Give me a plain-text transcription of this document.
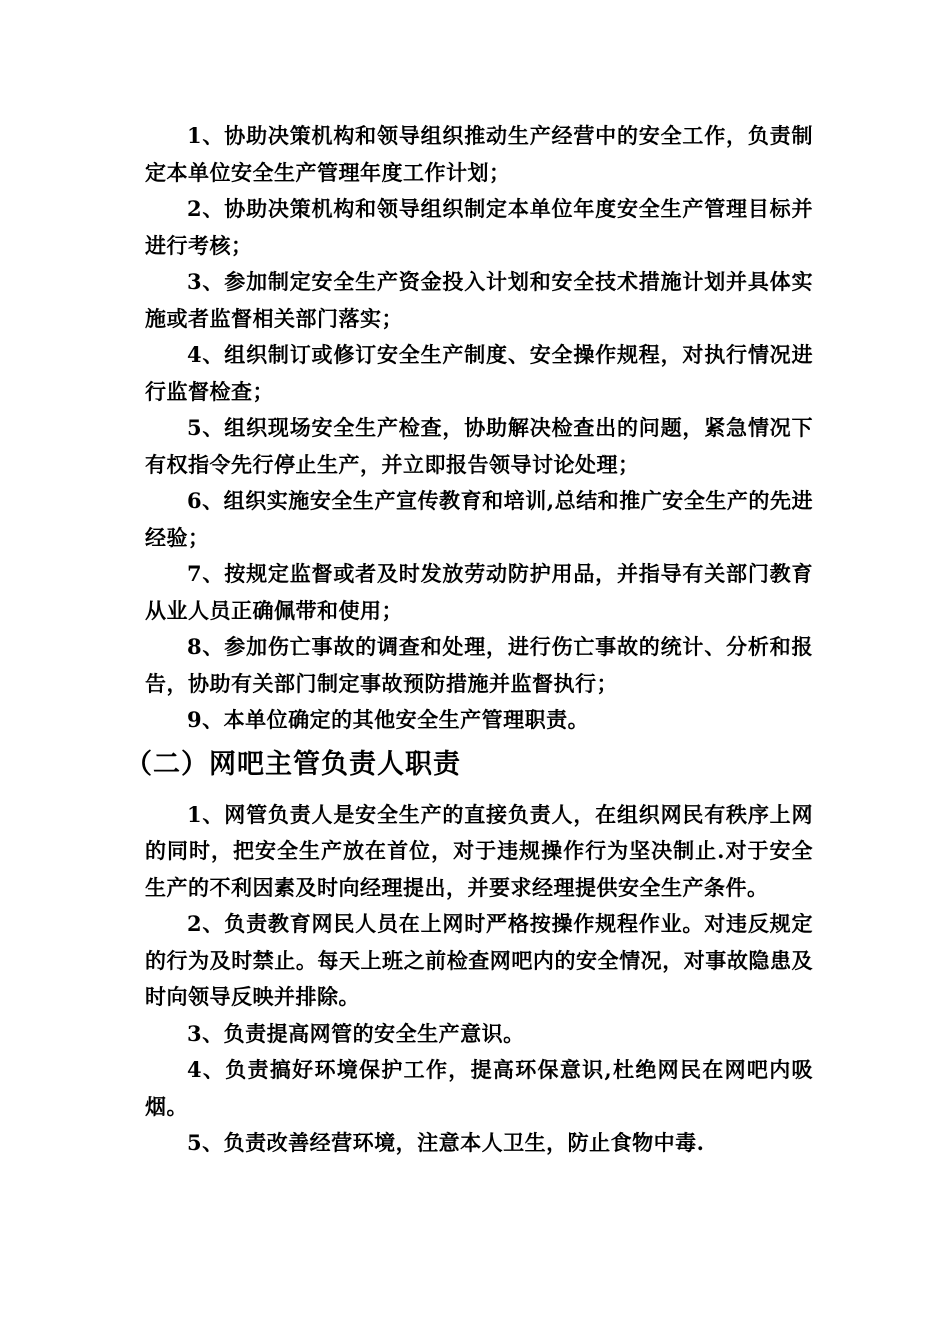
1、协助决策机构和领导组织推动生产经营中的安全工作，负责制定本单位安全生产管理年度工作计划；

2、协助决策机构和领导组织制定本单位年度安全生产管理目标并进行考核；

3、参加制定安全生产资金投入计划和安全技术措施计划并具体实施或者监督相关部门落实；

4、组织制订或修订安全生产制度、安全操作规程，对执行情况进行监督检查；

5、组织现场安全生产检查，协助解决检查出的问题，紧急情况下有权指令先行停止生产，并立即报告领导讨论处理；

6、组织实施安全生产宣传教育和培训,总结和推广安全生产的先进经验；

7、按规定监督或者及时发放劳动防护用品，并指导有关部门教育从业人员正确佩带和使用；

8、参加伤亡事故的调查和处理，进行伤亡事故的统计、分析和报告，协助有关部门制定事故预防措施并监督执行；

9、本单位确定的其他安全生产管理职责。

（二）网吧主管负责人职责

1、网管负责人是安全生产的直接负责人，在组织网民有秩序上网的同时，把安全生产放在首位，对于违规操作行为坚决制止.对于安全生产的不利因素及时向经理提出，并要求经理提供安全生产条件。

2、负责教育网民人员在上网时严格按操作规程作业。对违反规定的行为及时禁止。每天上班之前检查网吧内的安全情况，对事故隐患及时向领导反映并排除。

3、负责提高网管的安全生产意识。

4、负责搞好环境保护工作，提高环保意识,杜绝网民在网吧内吸烟。

5、负责改善经营环境，注意本人卫生，防止食物中毒.
